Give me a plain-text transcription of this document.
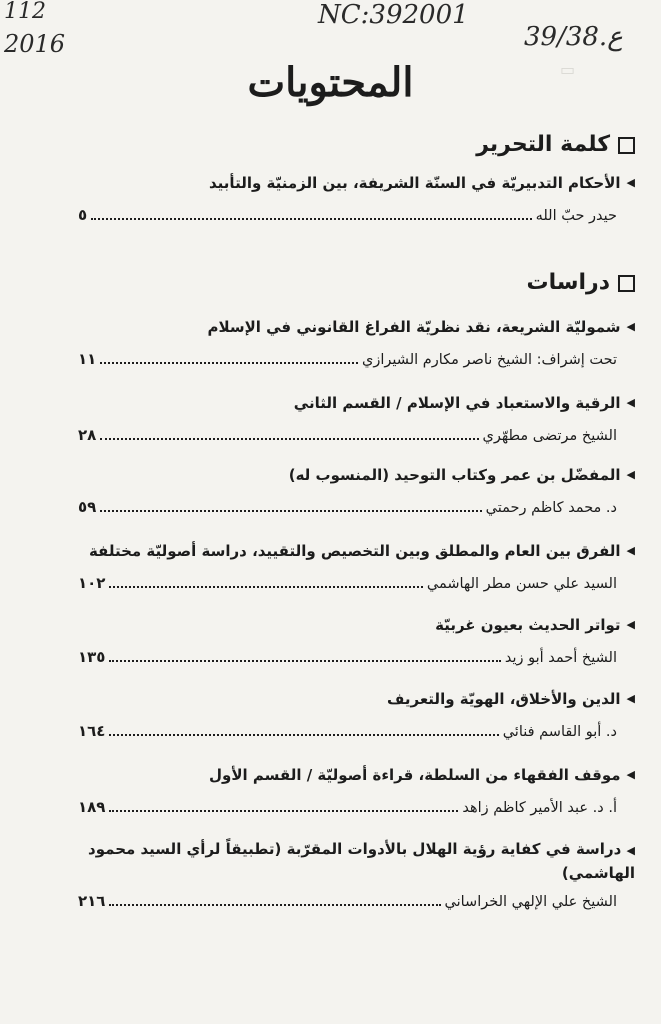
▭
112
2016
NC:392001
39/38.ع
المحتويات
كلمة التحرير
◀
الأحكام التدبيريّة في السنّة الشريفة، بين الزمنيّة والتأبيد
حيدر حبّ الله
٥
دراسات
◀
شموليّة الشريعة، نقد نظريّة الفراغ القانوني في الإسلام
تحت إشراف: الشيخ ناصر مكارم الشيرازي
١١
◀
الرقية والاستعباد في الإسلام / القسم الثاني
الشيخ مرتضى مطهّري
٢٨
◀
المفضّل بن عمر وكتاب التوحيد (المنسوب له)
د. محمد كاظم رحمتي
٥٩
◀
الفرق بين العام والمطلق وبين التخصيص والتقييد، دراسة أصوليّة مختلفة
السيد علي حسن مطر الهاشمي
١٠٢
◀
تواتر الحديث بعيون غربيّة
الشيخ أحمد أبو زيد
١٣٥
◀
الدين والأخلاق، الهويّة والتعريف
د. أبو القاسم فنائي
١٦٤
◀
موقف الفقهاء من السلطة، قراءة أصوليّة / القسم الأول
أ. د. عبد الأمير كاظم زاهد
١٨٩
◀ دراسة في كفاية رؤية الهلال بالأدوات المقرّبة (تطبيقاً لرأي السيد محمود الهاشمي)
الشيخ علي الإلهي الخراساني
٢١٦
